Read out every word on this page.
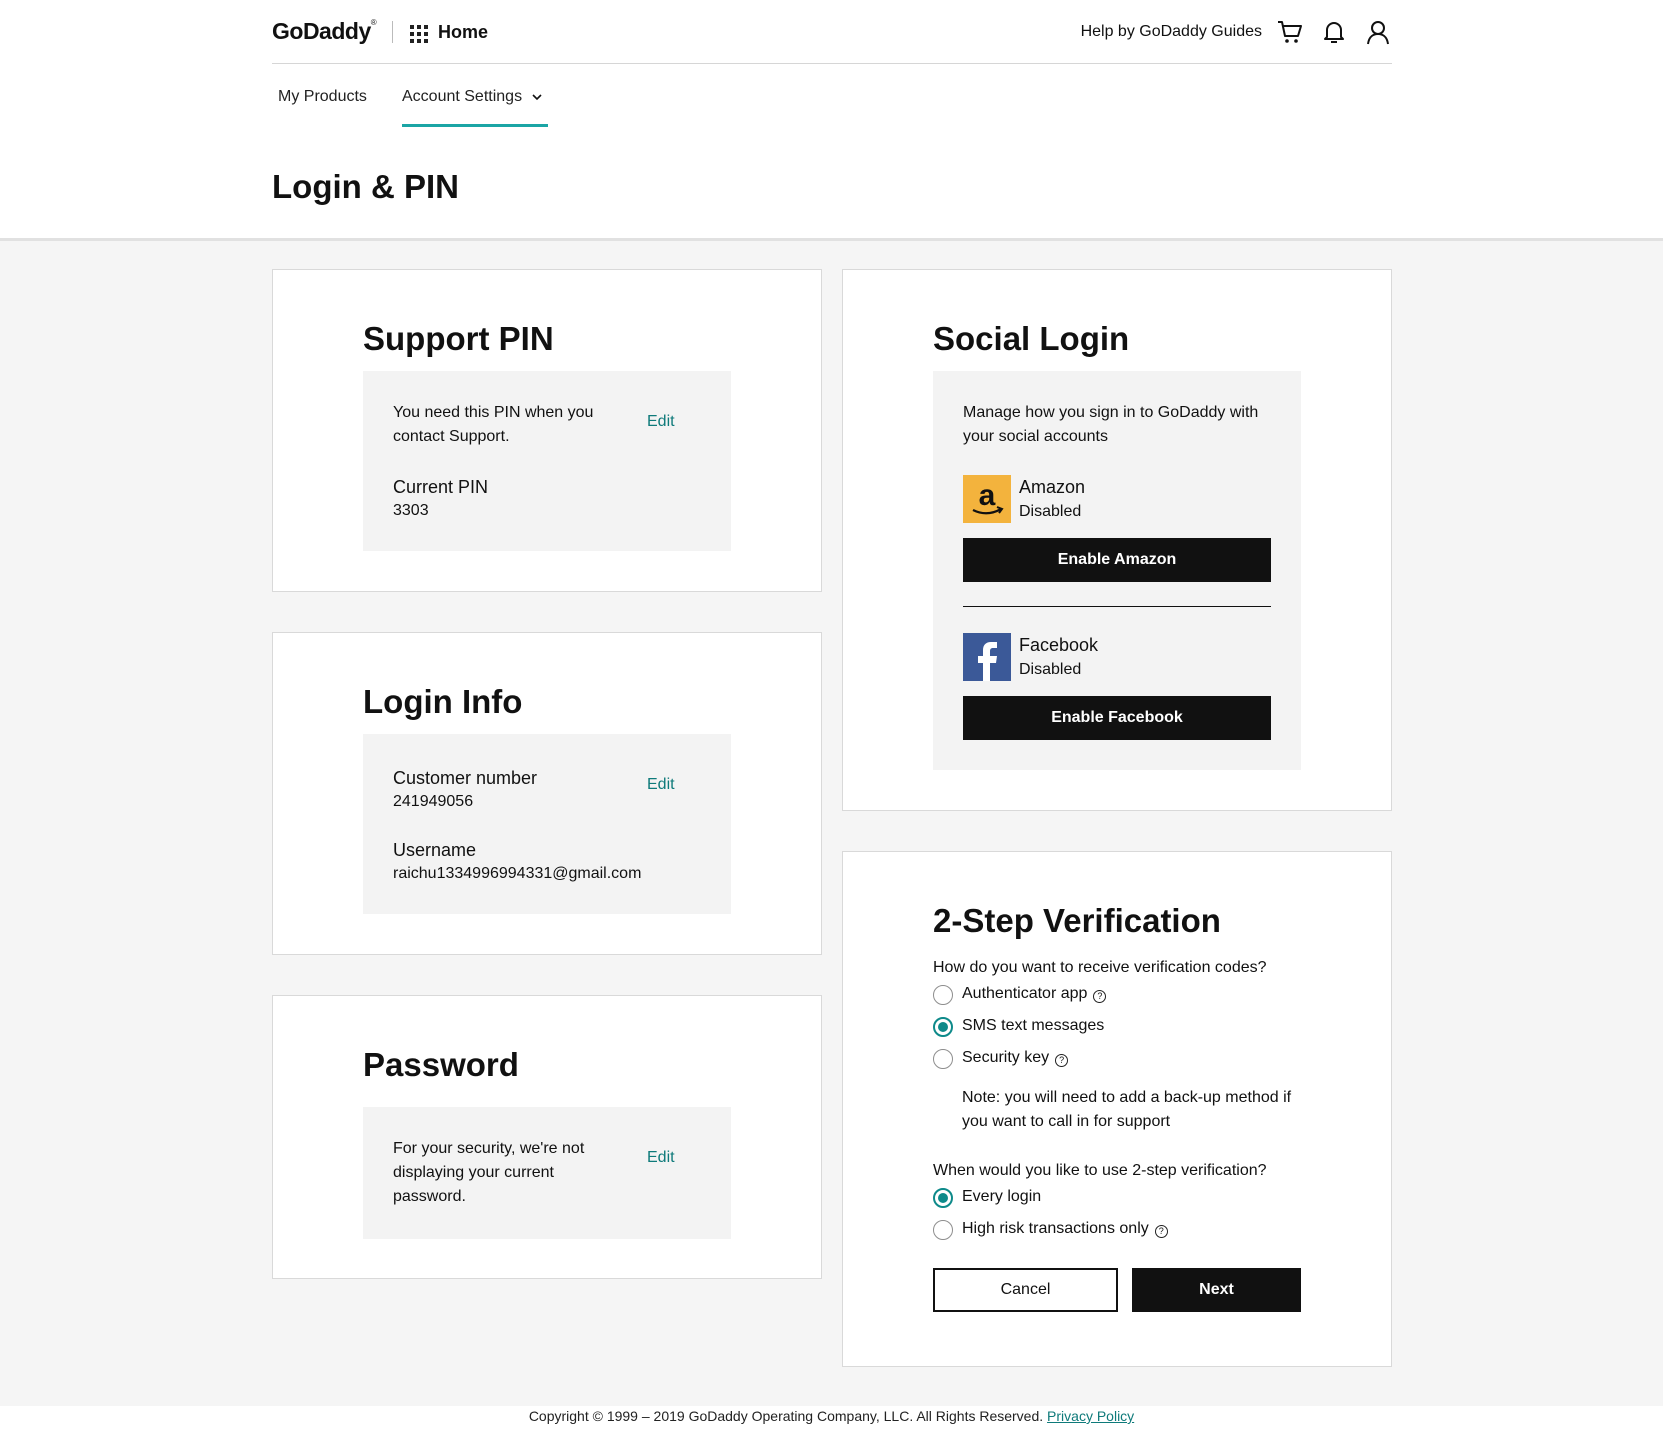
GoDaddy®	Home	Help by GoDaddy Guides
My Products Account Settings
Login & PIN
Support PIN
You need this PIN when you contact Support.
Edit
Current PIN
3303
Login Info
Customer number
241949056
Edit
Username
raichu1334996994331@gmail.com
Password
For your security, we're not displaying your current password.
Edit
Social Login
Manage how you sign in to GoDaddy with your social accounts
a Amazon
Disabled
Enable Amazon
Facebook
Disabled
Enable Facebook
2-Step Verification
How do you want to receive verification codes?
Authenticator app ?
SMS text messages
Security key ?
Note: you will need to add a back-up method if you want to call in for support
When would you like to use 2-step verification?
Every login
High risk transactions only ?
Cancel	Next
Copyright © 1999 – 2019 GoDaddy Operating Company, LLC. All Rights Reserved. Privacy Policy
